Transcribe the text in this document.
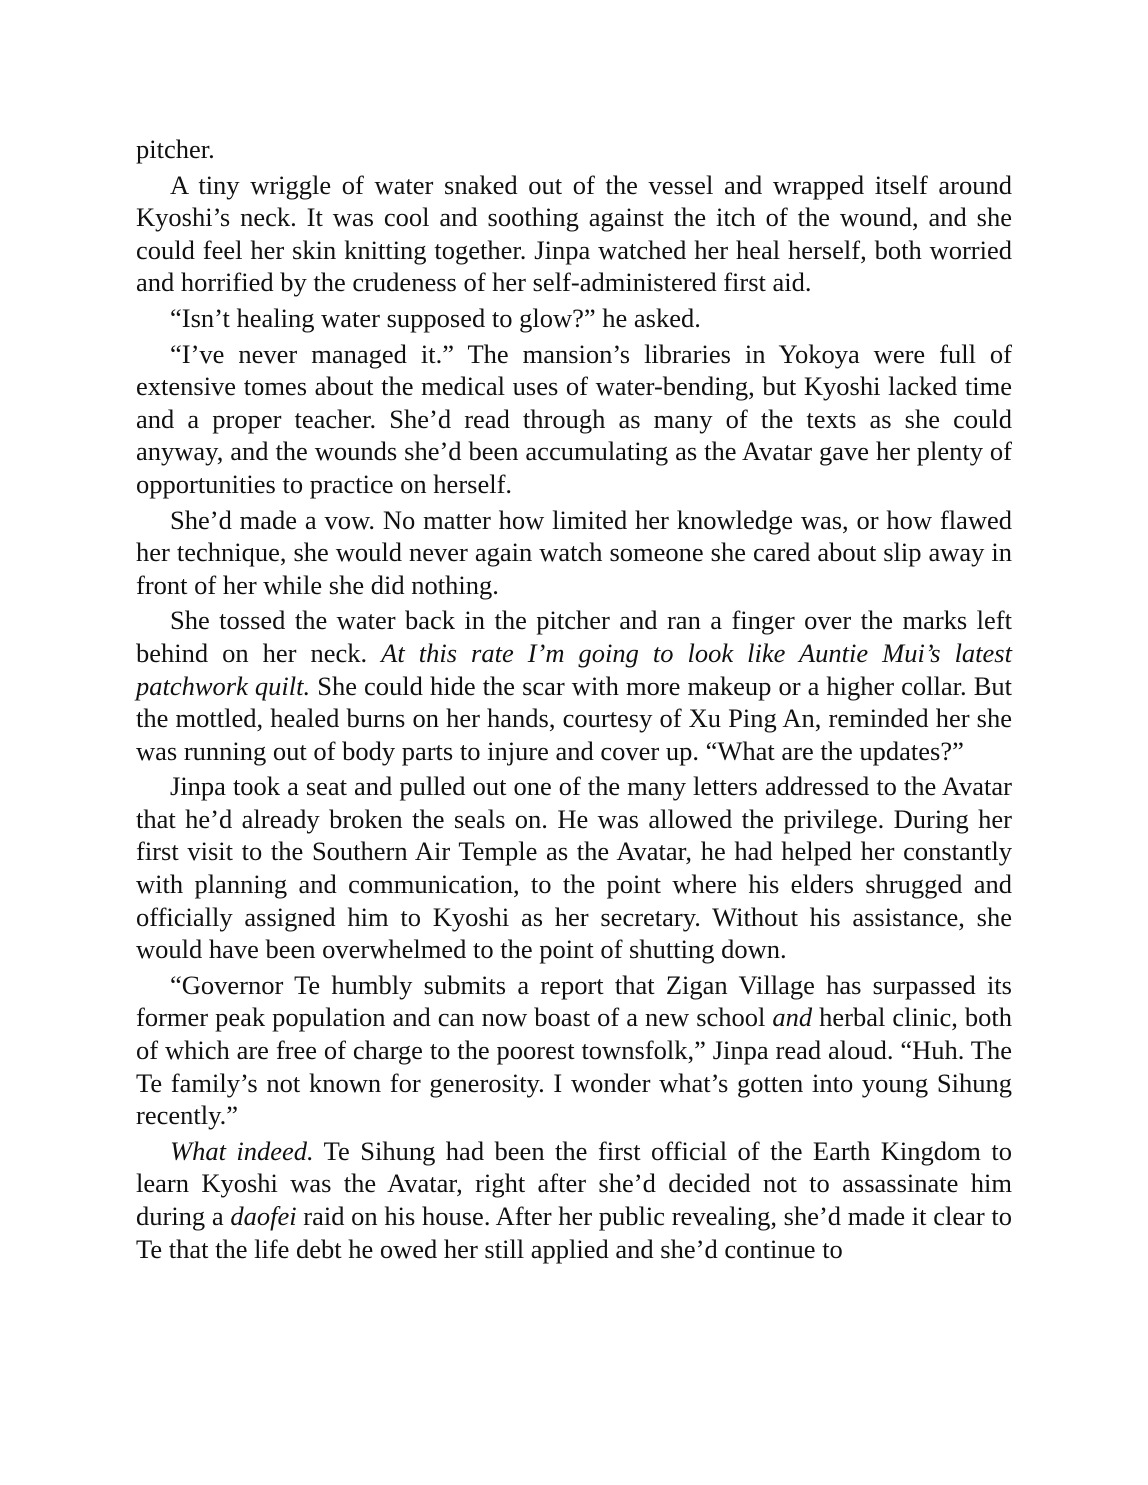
pitcher.

A tiny wriggle of water snaked out of the vessel and wrapped itself around Kyoshi’s neck. It was cool and soothing against the itch of the wound, and she could feel her skin knitting together. Jinpa watched her heal herself, both worried and horrified by the crudeness of her self-administered first aid.

“Isn’t healing water supposed to glow?” he asked.

“I’ve never managed it.” The mansion’s libraries in Yokoya were full of extensive tomes about the medical uses of water-bending, but Kyoshi lacked time and a proper teacher. She’d read through as many of the texts as she could anyway, and the wounds she’d been accumulating as the Avatar gave her plenty of opportunities to practice on herself.

She’d made a vow. No matter how limited her knowledge was, or how flawed her technique, she would never again watch someone she cared about slip away in front of her while she did nothing.

She tossed the water back in the pitcher and ran a finger over the marks left behind on her neck. At this rate I’m going to look like Auntie Mui’s latest patchwork quilt. She could hide the scar with more makeup or a higher collar. But the mottled, healed burns on her hands, courtesy of Xu Ping An, reminded her she was running out of body parts to injure and cover up. “What are the updates?”

Jinpa took a seat and pulled out one of the many letters addressed to the Avatar that he’d already broken the seals on. He was allowed the privilege. During her first visit to the Southern Air Temple as the Avatar, he had helped her constantly with planning and communication, to the point where his elders shrugged and officially assigned him to Kyoshi as her secretary. Without his assistance, she would have been overwhelmed to the point of shutting down.

“Governor Te humbly submits a report that Zigan Village has surpassed its former peak population and can now boast of a new school and herbal clinic, both of which are free of charge to the poorest townsfolk,” Jinpa read aloud. “Huh. The Te family’s not known for generosity. I wonder what’s gotten into young Sihung recently.”

What indeed. Te Sihung had been the first official of the Earth Kingdom to learn Kyoshi was the Avatar, right after she’d decided not to assassinate him during a daofei raid on his house. After her public revealing, she’d made it clear to Te that the life debt he owed her still applied and she’d continue to
